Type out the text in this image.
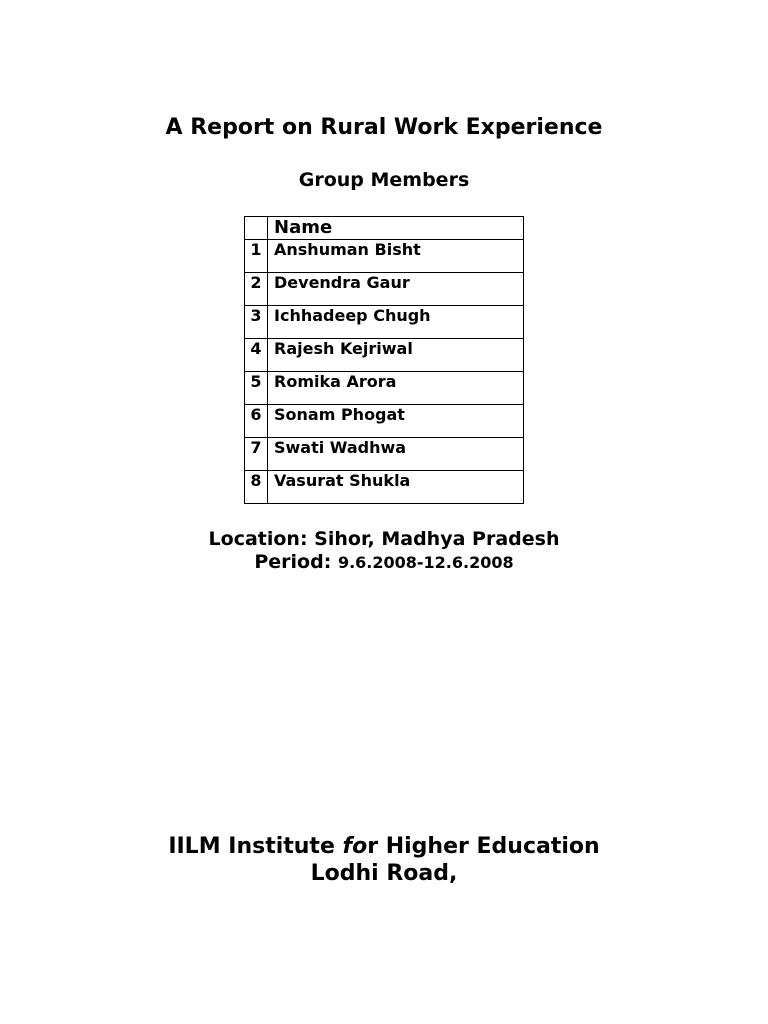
A Report on Rural Work Experience
Group Members
	Name
1	Anshuman Bisht
2	Devendra Gaur
3	Ichhadeep Chugh
4	Rajesh Kejriwal
5	Romika Arora
6	Sonam Phogat
7	Swati Wadhwa
8	Vasurat Shukla
Location: Sihor, Madhya Pradesh
Period: 9.6.2008-12.6.2008
IILM Institute for Higher Education
Lodhi Road,
